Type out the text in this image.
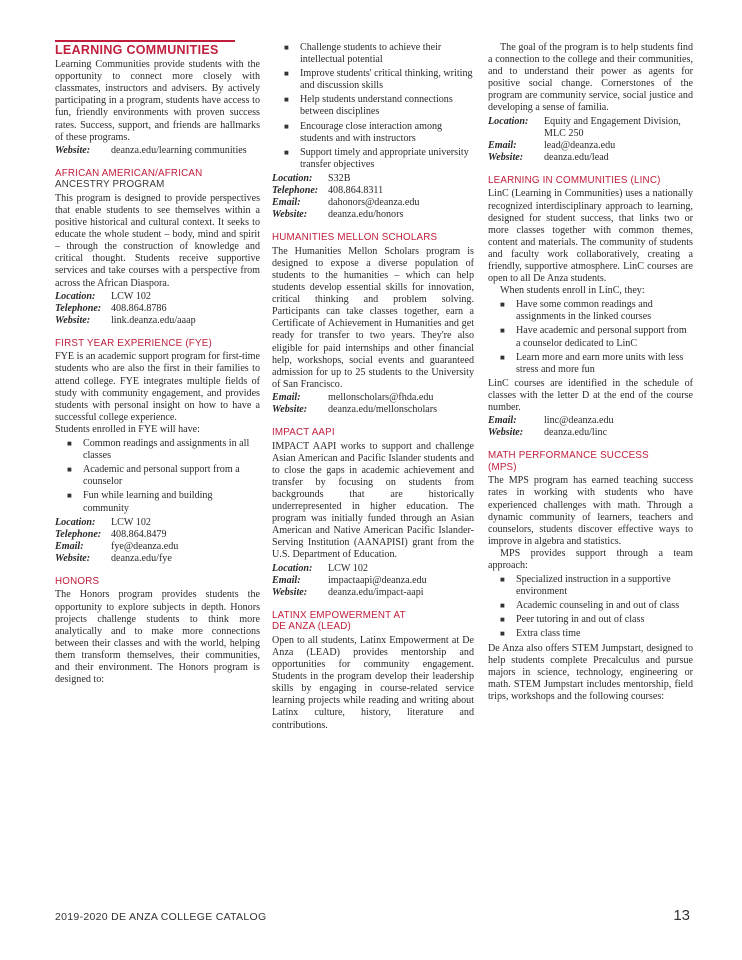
LEARNING COMMUNITIES

Learning Communities provide students with the opportunity to connect more closely with classmates, instructors and advisers. By actively participating in a program, students have access to fun, friendly environments with proven success rates. Success, support, and friends are hallmarks of these programs.

Website:	deanza.edu/learning communities
AFRICAN AMERICAN/AFRICAN
ANCESTRY PROGRAM

This program is designed to provide perspectives that enable students to see themselves within a positive historical and cultural context. It seeks to educate the whole student – body, mind and spirit – through the construction of knowledge and critical thought. Students receive supportive services and take courses with a perspective from across the African Diaspora.

Location:	LCW 102
Telephone: 408.864.8786
Website:	link.deanza.edu/aaap
FIRST YEAR EXPERIENCE (FYE)

FYE is an academic support program for first-time students who are also the first in their families to attend college. FYE integrates multiple fields of study with community engagement, and provides students with personal insight on how to have a successful college experience.

Students enrolled in FYE will have:

■ Common readings and assignments in all classes
■ Academic and personal support from a counselor
■ Fun while learning and building community
Location:	LCW 102
Telephone: 408.864.8479
Email:	fye@deanza.edu
Website:	deanza.edu/fye
HONORS

The Honors program provides students the opportunity to explore subjects in depth. Honors projects challenge students to think more analytically and to make more connections between their classes and with the world, helping them transform themselves, their communities, and their environment. The Honors program is designed to:

■ Challenge students to achieve their intellectual potential
■ Improve students' critical thinking, writing and discussion skills
■ Help students understand connections between disciplines
■ Encourage close interaction among students and with instructors
■ Support timely and appropriate university transfer objectives
Location:	S32B
Telephone: 408.864.8311
Email:	dahonors@deanza.edu
Website:	deanza.edu/honors
HUMANITIES MELLON SCHOLARS

The Humanities Mellon Scholars program is designed to expose a diverse population of students to the humanities – which can help students develop essential skills for innovation, critical thinking and problem solving. Participants can take classes together, earn a Certificate of Achievement in Humanities and get ready for transfer to two years. They're also eligible for paid internships and other financial help, workshops, social events and guaranteed admission for up to 25 students to the University of San Francisco.

Email:	mellonscholars@fhda.edu
Website:	deanza.edu/mellonscholars
IMPACT AAPI

IMPACT AAPI works to support and challenge Asian American and Pacific Islander students and to close the gaps in academic achievement and transfer by focusing on students from backgrounds that are historically underrepresented in higher education. The program was initially funded through an Asian American and Native American Pacific Islander-Serving Institution (AANAPISI) grant from the U.S. Department of Education.

Location:	LCW 102
Email:	impactaapi@deanza.edu
Website:	deanza.edu/impact-aapi
LATINX EMPOWERMENT AT
DE ANZA (LEAD)

Open to all students, Latinx Empowerment at De Anza (LEAD) provides mentorship and opportunities for community engagement. Students in the program develop their leadership skills by engaging in course-related service learning projects while reading and writing about Latinx culture, history, literature and contributions.

The goal of the program is to help students find a connection to the college and their communities, and to understand their power as agents for positive social change. Cornerstones of the program are community service, social justice and developing a sense of familia.

Location:	Equity and Engagement Division, MLC 250
Email:	lead@deanza.edu
Website:	deanza.edu/lead
LEARNING IN COMMUNITIES (LINC)

LinC (Learning in Communities) uses a nationally recognized interdisciplinary approach to learning, designed for student success, that links two or more classes together with common themes, content and materials. The community of students and faculty work collaboratively, creating a friendly, supportive atmosphere. LinC courses are open to all De Anza students.

When students enroll in LinC, they:

■ Have some common readings and assignments in the linked courses
■ Have academic and personal support from a counselor dedicated to LinC
■ Learn more and earn more units with less stress and more fun

LinC courses are identified in the schedule of classes with the letter D at the end of the course number.

Email:	linc@deanza.edu
Website:	deanza.edu/linc
MATH PERFORMANCE SUCCESS
(MPS)

The MPS program has earned teaching success rates in working with students who have experienced challenges with math. Through a dynamic community of learners, teachers and counselors, students discover effective ways to improve in algebra and statistics.

MPS provides support through a team approach:

■ Specialized instruction in a supportive environment
■ Academic counseling in and out of class
■ Peer tutoring in and out of class
■ Extra class time

De Anza also offers STEM Jumpstart, designed to help students complete Precalculus and pursue majors in science, technology, engineering or math. STEM Jumpstart includes mentorship, field trips, workshops and the following courses:

2019-2020 DE ANZA COLLEGE CATALOG	13
